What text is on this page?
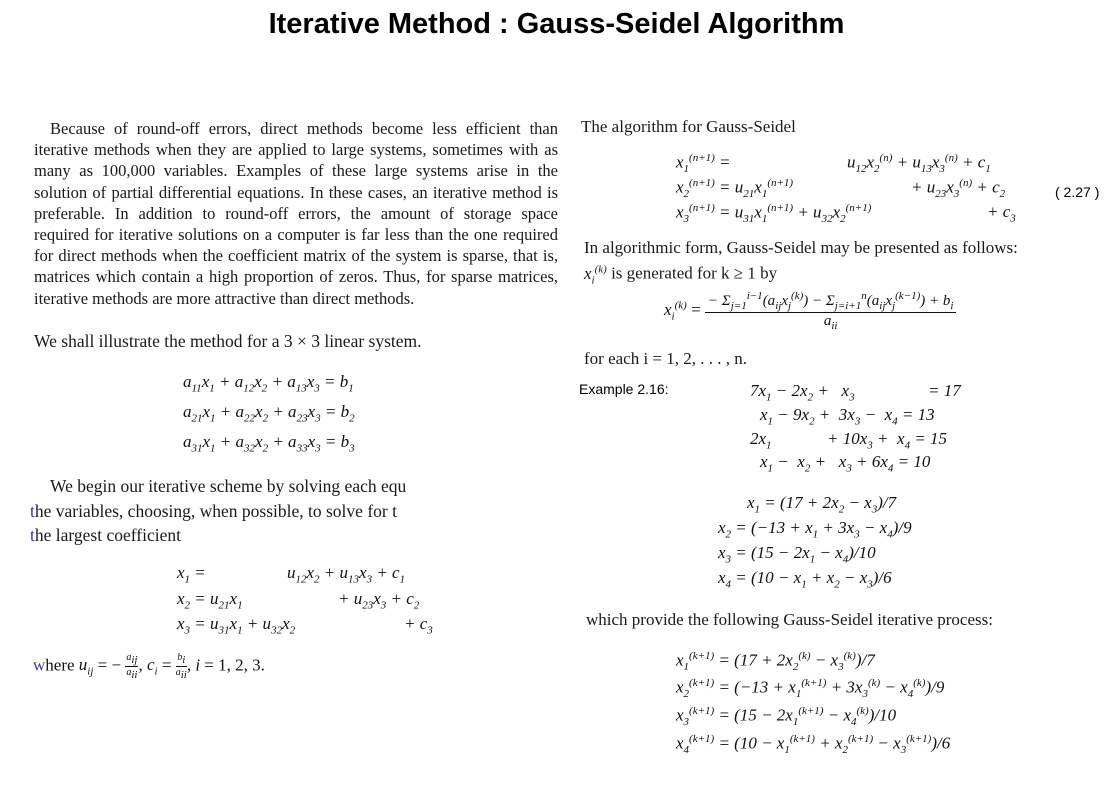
Iterative Method : Gauss-Seidel Algorithm
Because of round-off errors, direct methods become less efficient than iterative methods when they are applied to large systems, sometimes with as many as 100,000 variables. Examples of these large systems arise in the solution of partial differential equations. In these cases, an iterative method is preferable. In addition to round-off errors, the amount of storage space required for iterative solutions on a computer is far less than the one required for direct methods when the coefficient matrix of the system is sparse, that is, matrices which contain a high proportion of zeros. Thus, for sparse matrices, iterative methods are more attractive than direct methods.
We shall illustrate the method for a 3 × 3 linear system.
$a_{11}x_1 + a_{12}x_2 + a_{13}x_3 = b_1$
$a_{21}x_1 + a_{22}x_2 + a_{23}x_3 = b_2$
$a_{31}x_1 + a_{32}x_2 + a_{33}x_3 = b_3$
We begin our iterative scheme by solving each equ
the variables, choosing, when possible, to solve for t
the largest coefficient
$x_1$ =	$u_{12}x_2 + u_{13}x_3 + c_1$
$x_2 = u_{21}x_1$	+ $u_{23}x_3 + c_2$
$x_3 = u_{31}x_1 + u_{32}x_2$	+ $c_3$
where $u_{ij}$ = − $\frac{a_{ij}}{a_{ii}}$ , $c_i = \frac{b_i}{a_{ii}}$ , i = 1, 2, 3.
The algorithm for Gauss-Seidel
$x_1^{(n+1)}$ =	$u_{12}x_2^{(n)} + u_{13}x_3^{(n)} + c_1$
$x_2^{(n+1)} = u_{21}x_1^{(n+1)}$	+ $u_{23}x_3^{(n)} + c_2$
$x_3^{(n+1)} = u_{31}x_1^{(n+1)} + u_{32}x_2^{(n+1)}$	+ $c_3$
( 2.27 )
In algorithmic form, Gauss-Seidel may be presented as follows:
$x_i^{(k)}$ is generated for k ≥ 1 by
$x_i^{(k)} = \frac{- \Sigma_{j=1}^{i-1}(a_{ij}x_j^{(k)}) - \Sigma_{j=i+1}^n(a_{ij}x_j^{(k-1)}) + b_i}{a_{ii}}$
for each i = 1, 2, . . . , n.
Example 2.16:	$7x_1 - 2x_2 + x_3$	= 17
$x_1 - 9x_2 + 3x_3 - x_4 = 13$
$2x_1$	+ $10x_3 + x_4 = 15$
$x_1 - x_2 + x_3 + 6x_4 = 10$
$x_1 = (17 + 2x_2 - x_3)/7$
$x_2 = (-13 + x_1 + 3x_3 - x_4)/9$
$x_3 = (15 - 2x_1 - x_4)/10$
$x_4 = (10 - x_1 + x_2 - x_3)/6$
which provide the following Gauss-Seidel iterative process:
$x_1^{(k+1)} = (17 + 2x_2^{(k)} - x_3^{(k)})/7$
$x_2^{(k+1)} = (-13 + x_1^{(k+1)} + 3x_3^{(k)} - x_4^{(k)})/9$
$x_3^{(k+1)} = (15 - 2x_1^{(k+1)} - x_4^{(k)})/10$
$x_4^{(k+1)} = (10 - x_1^{(k+1)} + x_2^{(k+1)} - x_3^{(k+1)})/6$
